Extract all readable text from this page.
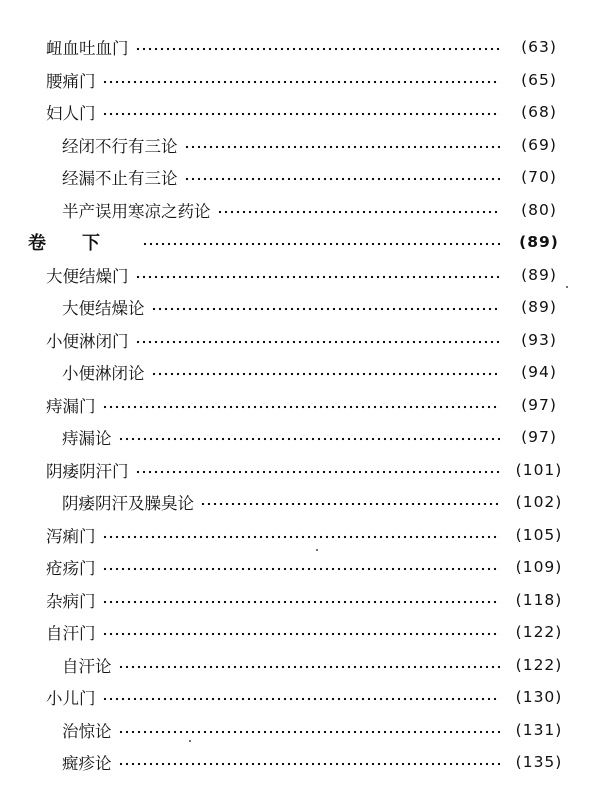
衄血吐血门	(63)
腰痛门	(65)
妇人门	(68)
经闭不行有三论	(69)
经漏不止有三论	(70)
半产误用寒凉之药论	(80)
卷下	(89)
大便结燥门	(89)
大便结燥论	(89)
小便淋闭门	(93)
小便淋闭论	(94)
痔漏门	(97)
痔漏论	(97)
阴痿阴汗门	(101)
阴痿阴汗及臊臭论	(102)
泻痢门	(105)
疮疡门	(109)
杂病门	(118)
自汗门	(122)
自汗论	(122)
小儿门	(130)
治惊论	(131)
癍疹论	(135)
